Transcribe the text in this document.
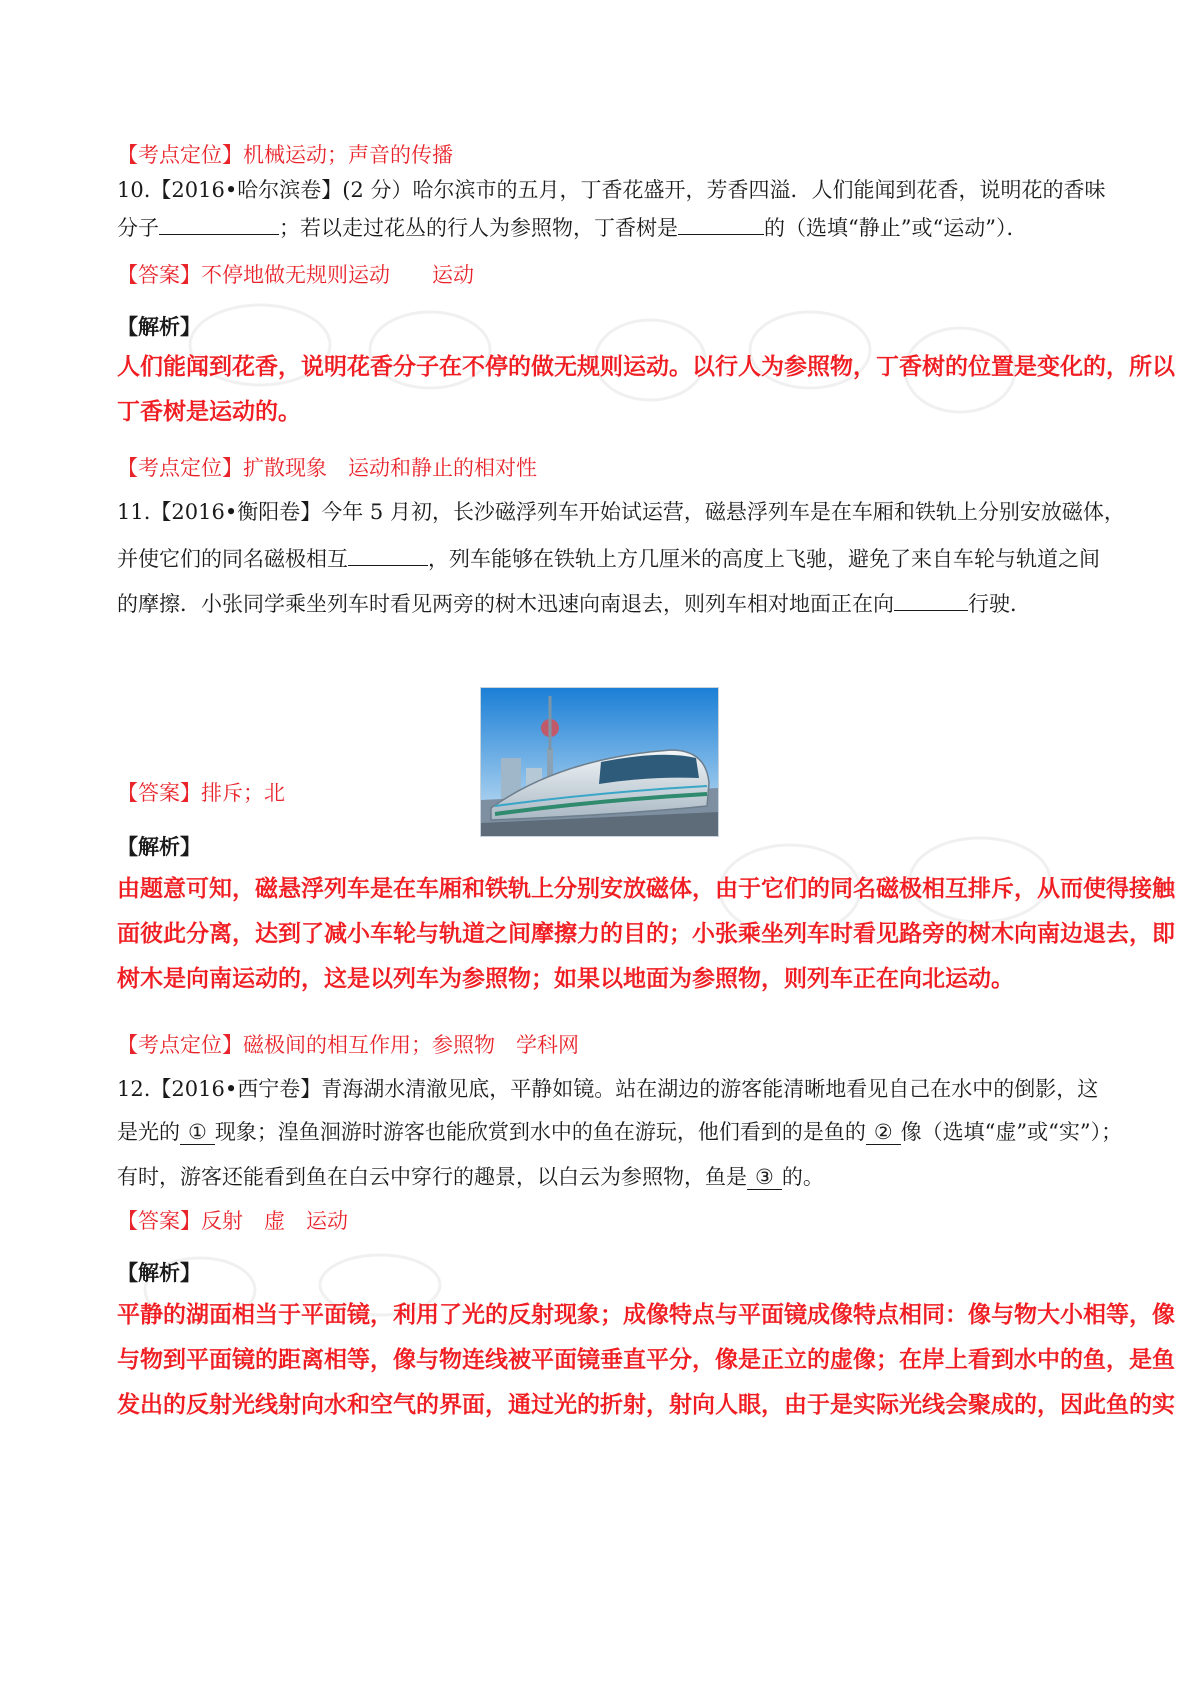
【考点定位】机械运动；声音的传播
10.【2016•哈尔滨卷】(2 分）哈尔滨市的五月，丁香花盛开，芳香四溢．人们能闻到花香，说明花的香味
分子	；若以走过花丛的行人为参照物，丁香树是	的（选填“静止”或“运动”）．
【答案】不停地做无规则运动　　运动
【解析】
人们能闻到花香，说明花香分子在不停的做无规则运动。以行人为参照物，丁香树的位置是变化的，所以
丁香树是运动的。
【考点定位】扩散现象　运动和静止的相对性
11.【2016•衡阳卷】今年 5 月初，长沙磁浮列车开始试运营，磁悬浮列车是在车厢和铁轨上分别安放磁体，
并使它们的同名磁极相互	，列车能够在铁轨上方几厘米的高度上飞驰，避免了来自车轮与轨道之间
的摩擦．小张同学乘坐列车时看见两旁的树木迅速向南退去，则列车相对地面正在向	行驶．
【答案】排斥；北
【解析】
由题意可知，磁悬浮列车是在车厢和铁轨上分别安放磁体，由于它们的同名磁极相互排斥，从而使得接触
面彼此分离，达到了减小车轮与轨道之间摩擦力的目的；小张乘坐列车时看见路旁的树木向南边退去，即
树木是向南运动的，这是以列车为参照物；如果以地面为参照物，则列车正在向北运动。
【考点定位】磁极间的相互作用；参照物　学科网
12.【2016•西宁卷】青海湖水清澈见底，平静如镜。站在湖边的游客能清晰地看见自己在水中的倒影，这
是光的 ① 现象；湟鱼洄游时游客也能欣赏到水中的鱼在游玩，他们看到的是鱼的 ② 像（选填“虚”或“实”）；
有时，游客还能看到鱼在白云中穿行的趣景，以白云为参照物，鱼是 ③ 的。
【答案】反射　虚　运动
【解析】
平静的湖面相当于平面镜，利用了光的反射现象；成像特点与平面镜成像特点相同：像与物大小相等，像
与物到平面镜的距离相等，像与物连线被平面镜垂直平分，像是正立的虚像；在岸上看到水中的鱼，是鱼
发出的反射光线射向水和空气的界面，通过光的折射，射向人眼，由于是实际光线会聚成的，因此鱼的实
